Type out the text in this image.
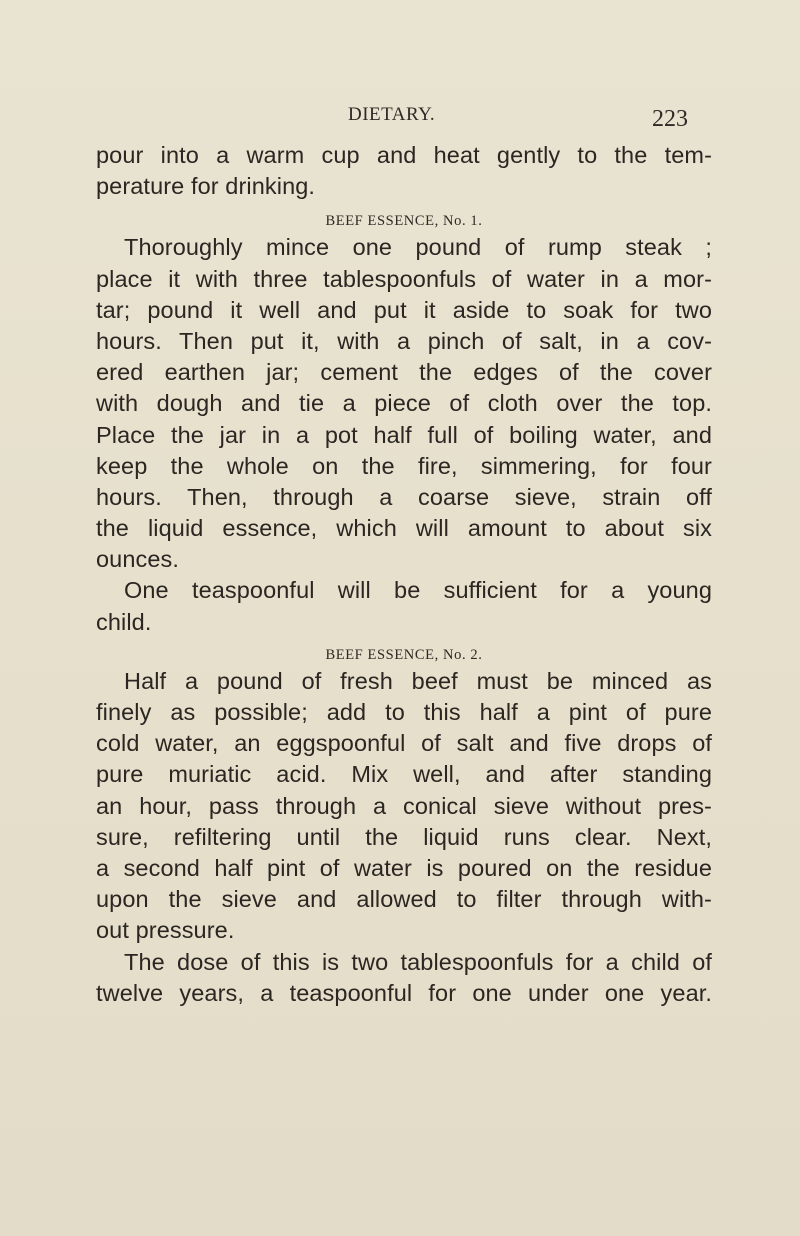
DIETARY.	223
pour into a warm cup and heat gently to the tem-
perature for drinking.
BEEF ESSENCE, No. 1.
Thoroughly mince one pound of rump steak ;
place it with three tablespoonfuls of water in a mor-
tar; pound it well and put it aside to soak for two
hours. Then put it, with a pinch of salt, in a cov-
ered earthen jar; cement the edges of the cover
with dough and tie a piece of cloth over the top.
Place the jar in a pot half full of boiling water, and
keep the whole on the fire, simmering, for four
hours. Then, through a coarse sieve, strain off
the liquid essence, which will amount to about six
ounces.
One teaspoonful will be sufficient for a young
child.
BEEF ESSENCE, No. 2.
Half a pound of fresh beef must be minced as
finely as possible; add to this half a pint of pure
cold water, an eggspoonful of salt and five drops of
pure muriatic acid. Mix well, and after standing
an hour, pass through a conical sieve without pres-
sure, refiltering until the liquid runs clear. Next,
a second half pint of water is poured on the residue
upon the sieve and allowed to filter through with-
out pressure.
The dose of this is two tablespoonfuls for a child of
twelve years, a teaspoonful for one under one year.
